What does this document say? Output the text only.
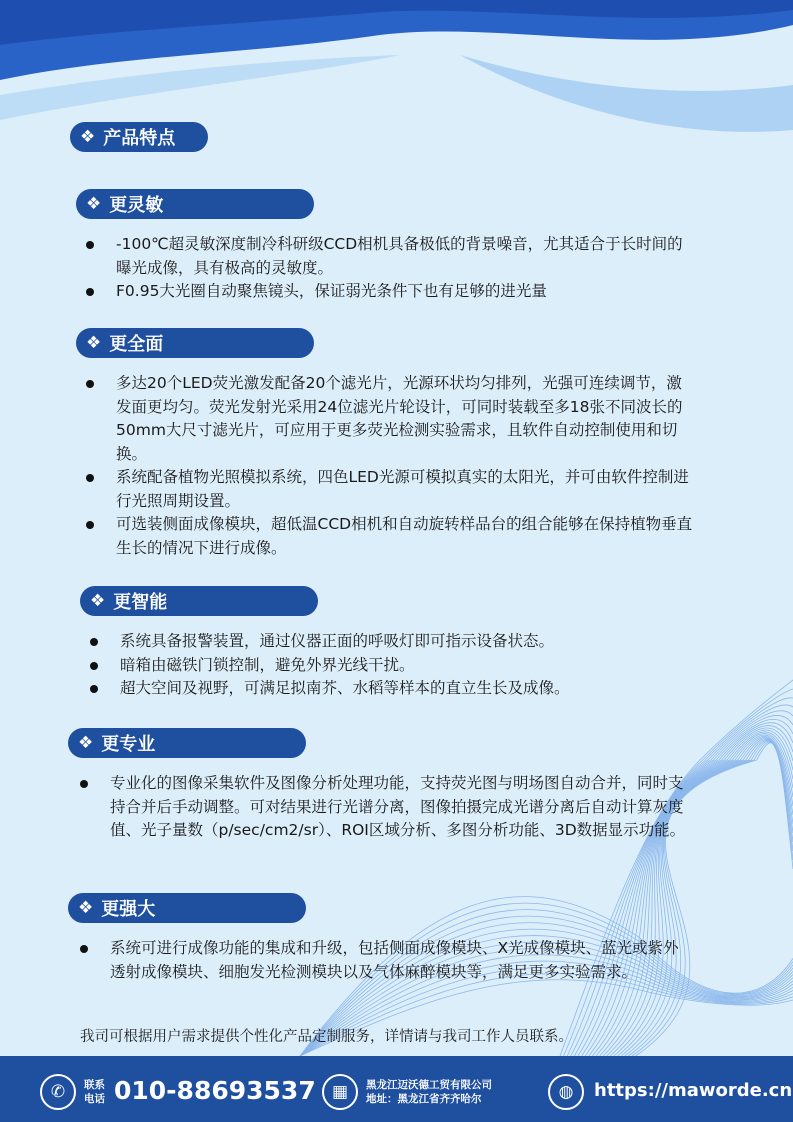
❖ 产品特点
❖ 更灵敏
-100℃超灵敏深度制冷科研级CCD相机具备极低的背景噪音，尤其适合于长时间的曝光成像，具有极高的灵敏度。
F0.95大光圈自动聚焦镜头，保证弱光条件下也有足够的进光量
❖ 更全面
多达20个LED荧光激发配备20个滤光片，光源环状均匀排列，光强可连续调节，激发面更均匀。荧光发射光采用24位滤光片轮设计，可同时装载至多18张不同波长的50mm大尺寸滤光片，可应用于更多荧光检测实验需求，且软件自动控制使用和切换。
系统配备植物光照模拟系统，四色LED光源可模拟真实的太阳光，并可由软件控制进行光照周期设置。
可选装侧面成像模块，超低温CCD相机和自动旋转样品台的组合能够在保持植物垂直生长的情况下进行成像。
❖ 更智能
系统具备报警装置，通过仪器正面的呼吸灯即可指示设备状态。
暗箱由磁铁门锁控制，避免外界光线干扰。
超大空间及视野，可满足拟南芥、水稻等样本的直立生长及成像。
❖ 更专业
专业化的图像采集软件及图像分析处理功能，支持荧光图与明场图自动合并，同时支持合并后手动调整。可对结果进行光谱分离，图像拍摄完成光谱分离后自动计算灰度值、光子量数（p/sec/cm2/sr）、ROI区域分析、多图分析功能、3D数据显示功能。
❖ 更强大
系统可进行成像功能的集成和升级，包括侧面成像模块、X光成像模块、蓝光或紫外透射成像模块、细胞发光检测模块以及气体麻醉模块等，满足更多实验需求。
我司可根据用户需求提供个性化产品定制服务，详情请与我司工作人员联系。
✆	联系
电话 010-88693537 ▦	黑龙江迈沃德工贸有限公司
地址：黑龙江省齐齐哈尔	◍	https://maworde.cn
